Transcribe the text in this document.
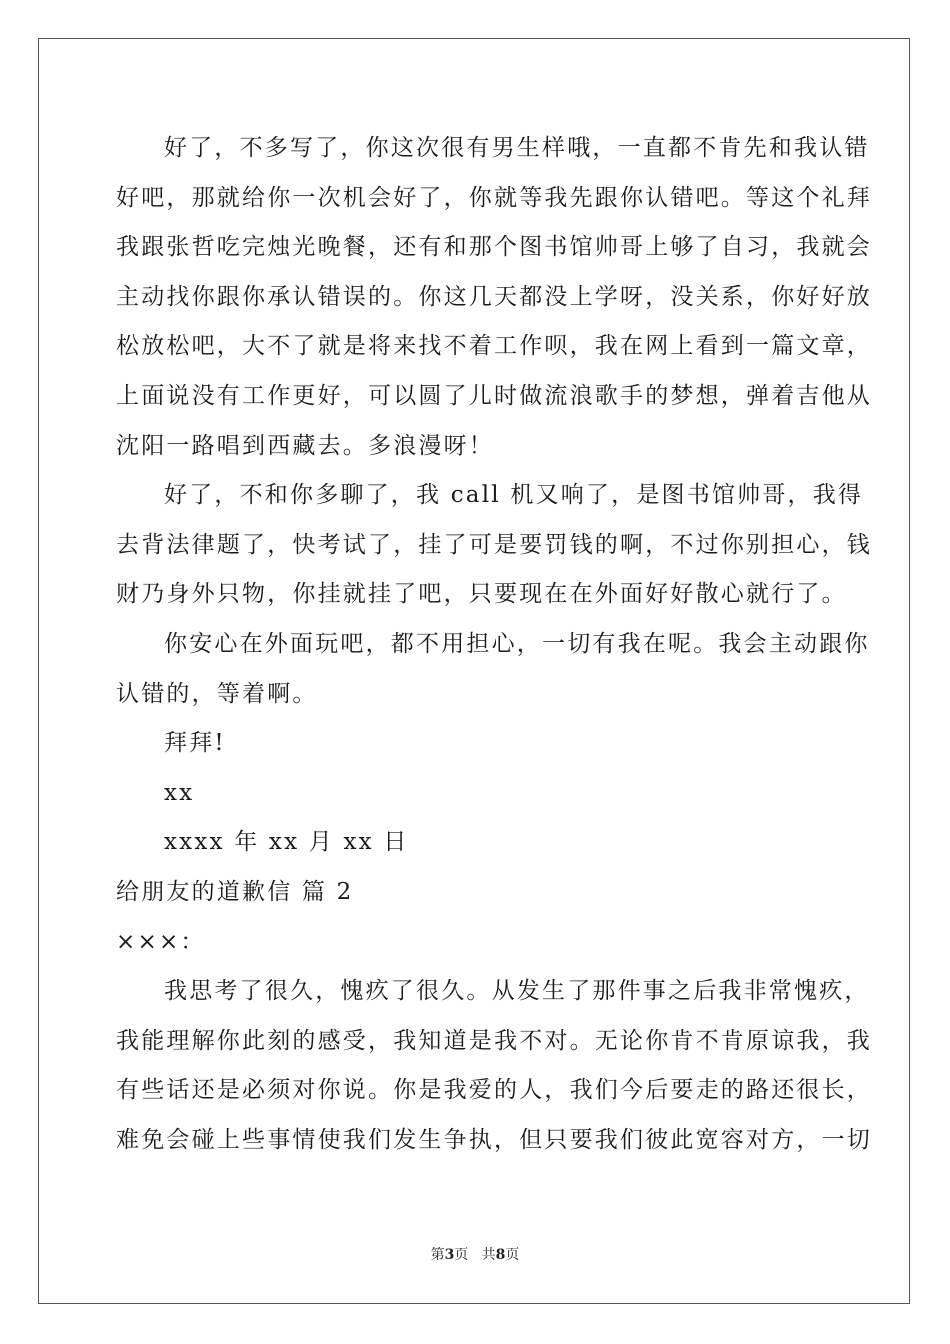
好了，不多写了，你这次很有男生样哦，一直都不肯先和我认错
好吧，那就给你一次机会好了，你就等我先跟你认错吧。等这个礼拜
我跟张哲吃完烛光晚餐，还有和那个图书馆帅哥上够了自习，我就会
主动找你跟你承认错误的。你这几天都没上学呀，没关系，你好好放
松放松吧，大不了就是将来找不着工作呗，我在网上看到一篇文章，
上面说没有工作更好，可以圆了儿时做流浪歌手的梦想，弹着吉他从
沈阳一路唱到西藏去。多浪漫呀！
好了，不和你多聊了，我 call 机又响了，是图书馆帅哥，我得
去背法律题了，快考试了，挂了可是要罚钱的啊，不过你别担心，钱
财乃身外只物，你挂就挂了吧，只要现在在外面好好散心就行了。
你安心在外面玩吧，都不用担心，一切有我在呢。我会主动跟你
认错的，等着啊。
拜拜!
xx
xxxx 年 xx 月 xx 日
给朋友的道歉信 篇 2
×××：
我思考了很久，愧疚了很久。从发生了那件事之后我非常愧疚，
我能理解你此刻的感受，我知道是我不对。无论你肯不肯原谅我，我
有些话还是必须对你说。你是我爱的人，我们今后要走的路还很长，
难免会碰上些事情使我们发生争执，但只要我们彼此宽容对方，一切
第3页   共8页
